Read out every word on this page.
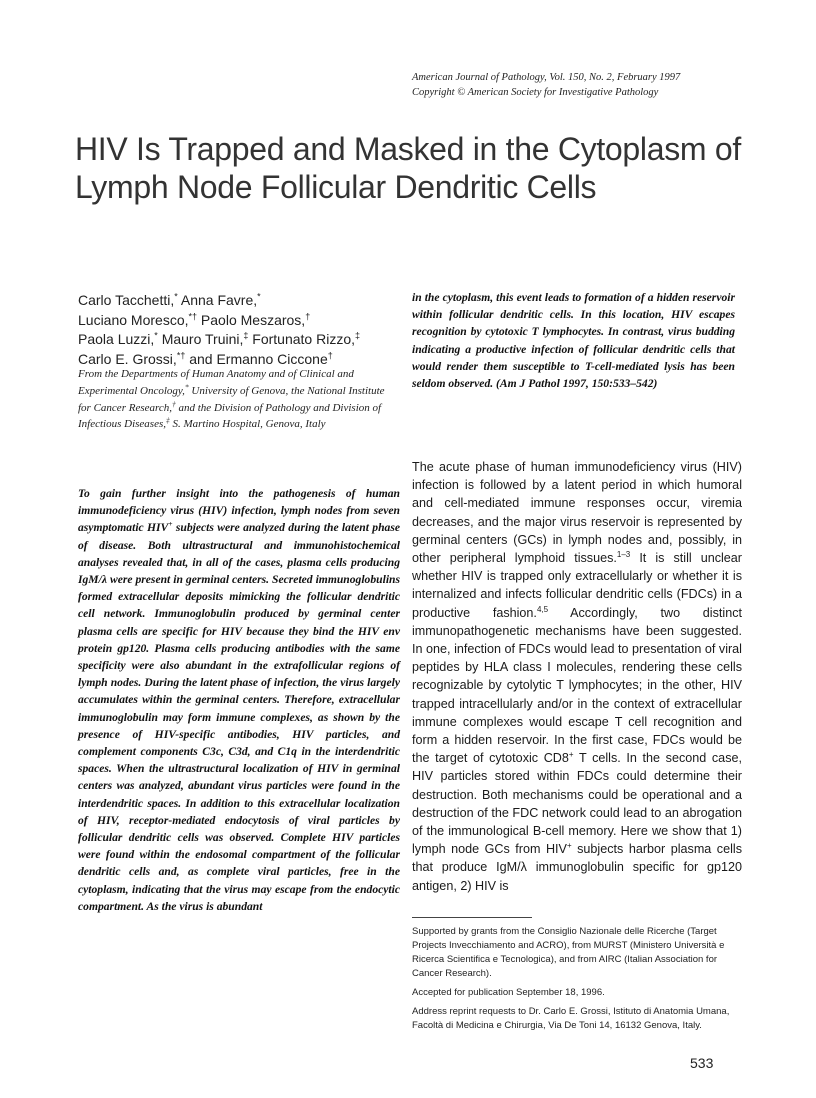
American Journal of Pathology, Vol. 150, No. 2, February 1997
Copyright © American Society for Investigative Pathology
HIV Is Trapped and Masked in the Cytoplasm of Lymph Node Follicular Dendritic Cells
Carlo Tacchetti,* Anna Favre,*
Luciano Moresco,*† Paolo Meszaros,†
Paola Luzzi,* Mauro Truini,‡ Fortunato Rizzo,‡
Carlo E. Grossi,*† and Ermanno Ciccone†
From the Departments of Human Anatomy and of Clinical and Experimental Oncology,* University of Genova, the National Institute for Cancer Research,† and the Division of Pathology and Division of Infectious Diseases,‡ S. Martino Hospital, Genova, Italy

To gain further insight into the pathogenesis of human immunodeficiency virus (HIV) infection, lymph nodes from seven asymptomatic HIV+ subjects were analyzed during the latent phase of disease. Both ultrastructural and immunohistochemical analyses revealed that, in all of the cases, plasma cells producing IgM/λ were present in germinal centers. Secreted immunoglobulins formed extracellular deposits mimicking the follicular dendritic cell network. Immunoglobulin produced by germinal center plasma cells are specific for HIV because they bind the HIV env protein gp120. Plasma cells producing antibodies with the same specificity were also abundant in the extrafollicular regions of lymph nodes. During the latent phase of infection, the virus largely accumulates within the germinal centers. Therefore, extracellular immunoglobulin may form immune complexes, as shown by the presence of HIV-specific antibodies, HIV particles, and complement components C3c, C3d, and C1q in the interdendritic spaces. When the ultrastructural localization of HIV in germinal centers was analyzed, abundant virus particles were found in the interdendritic spaces. In addition to this extracellular localization of HIV, receptor-mediated endocytosis of viral particles by follicular dendritic cells was observed. Complete HIV particles were found within the endosomal compartment of the follicular dendritic cells and, as complete viral particles, free in the cytoplasm, indicating that the virus may escape from the endocytic compartment. As the virus is abundant

in the cytoplasm, this event leads to formation of a hidden reservoir within follicular dendritic cells. In this location, HIV escapes recognition by cytotoxic T lymphocytes. In contrast, virus budding indicating a productive infection of follicular dendritic cells that would render them susceptible to T-cell-mediated lysis has been seldom observed. (Am J Pathol 1997, 150:533–542)

The acute phase of human immunodeficiency virus (HIV) infection is followed by a latent period in which humoral and cell-mediated immune responses occur, viremia decreases, and the major virus reservoir is represented by germinal centers (GCs) in lymph nodes and, possibly, in other peripheral lymphoid tissues.$^{1-3}$ It is still unclear whether HIV is trapped only extracellularly or whether it is internalized and infects follicular dendritic cells (FDCs) in a productive fashion.$^{4,5}$ Accordingly, two distinct immunopathogenetic mechanisms have been suggested. In one, infection of FDCs would lead to presentation of viral peptides by HLA class I molecules, rendering these cells recognizable by cytolytic T lymphocytes; in the other, HIV trapped intracellularly and/or in the context of extracellular immune complexes would escape T cell recognition and form a hidden reservoir. In the first case, FDCs would be the target of cytotoxic CD8+ T cells. In the second case, HIV particles stored within FDCs could determine their destruction. Both mechanisms could be operational and a destruction of the FDC network could lead to an abrogation of the immunological B-cell memory. Here we show that 1) lymph node GCs from HIV+ subjects harbor plasma cells that produce IgM/λ immunoglobulin specific for gp120 antigen, 2) HIV is

Supported by grants from the Consiglio Nazionale delle Ricerche (Target Projects Invecchiamento and ACRO), from MURST (Ministero Università e Ricerca Scientifica e Tecnologica), and from AIRC (Italian Association for Cancer Research).

Accepted for publication September 18, 1996.

Address reprint requests to Dr. Carlo E. Grossi, Istituto di Anatomia Umana, Facoltà di Medicina e Chirurgia, Via De Toni 14, 16132 Genova, Italy.

533
